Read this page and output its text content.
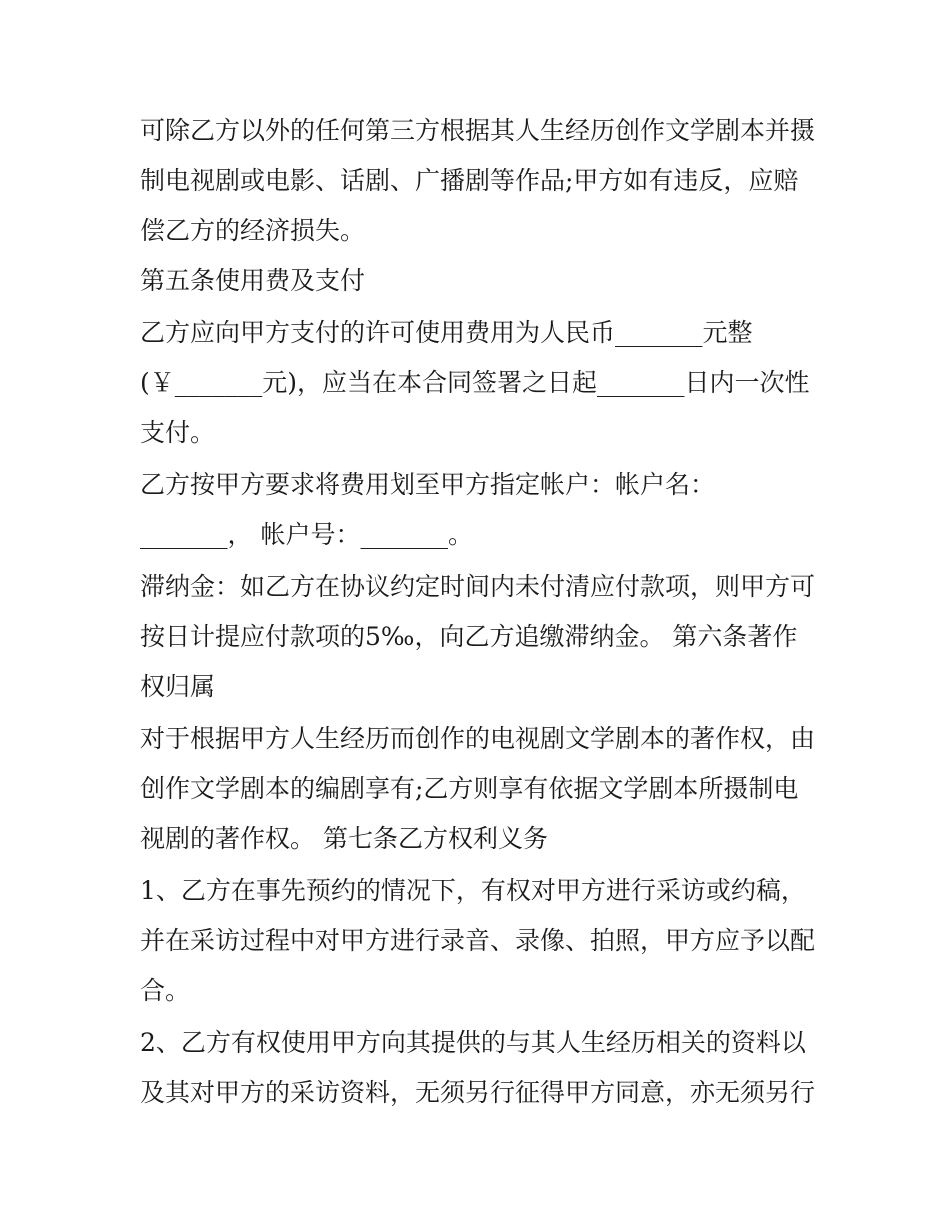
可除乙方以外的任何第三方根据其人生经历创作文学剧本并摄
制电视剧或电影、话剧、广播剧等作品;甲方如有违反，应赔
偿乙方的经济损失。
第五条使用费及支付
乙方应向甲方支付的许可使用费用为人民币_______元整
(￥_______元)，应当在本合同签署之日起_______日内一次性
支付。
乙方按甲方要求将费用划至甲方指定帐户：帐户名：
_______， 帐户号：_______。
滞纳金：如乙方在协议约定时间内未付清应付款项，则甲方可
按日计提应付款项的5‰，向乙方追缴滞纳金。 第六条著作
权归属
对于根据甲方人生经历而创作的电视剧文学剧本的著作权，由
创作文学剧本的编剧享有;乙方则享有依据文学剧本所摄制电
视剧的著作权。 第七条乙方权利义务
1、乙方在事先预约的情况下，有权对甲方进行采访或约稿，
并在采访过程中对甲方进行录音、录像、拍照，甲方应予以配
合。
2、乙方有权使用甲方向其提供的与其人生经历相关的资料以
及其对甲方的采访资料，无须另行征得甲方同意，亦无须另行
